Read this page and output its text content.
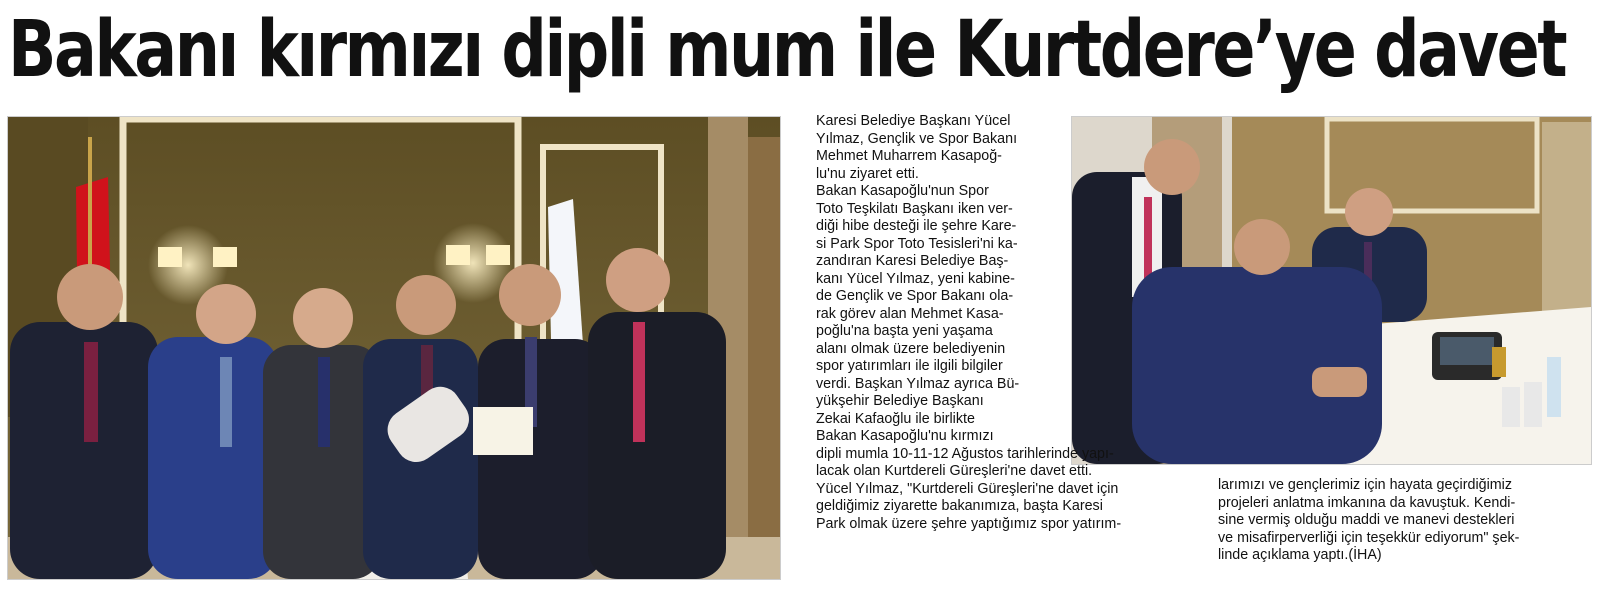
Bakanı kırmızı dipli mum ile Kurtdere’ye davet

Karesi Belediye Başkanı Yücel

Yılmaz, Gençlik ve Spor Bakanı

Mehmet Muharrem Kasapoğ-

lu'nu ziyaret etti.

Bakan Kasapoğlu'nun Spor

Toto Teşkilatı Başkanı iken ver-

diği hibe desteği ile şehre Kare-

si Park Spor Toto Tesisleri'ni ka-

zandıran Karesi Belediye Baş-

kanı Yücel Yılmaz, yeni kabine-

de Gençlik ve Spor Bakanı ola-

rak görev alan Mehmet Kasa-

poğlu'na başta yeni yaşama

alanı olmak üzere belediyenin

spor yatırımları ile ilgili bilgiler

verdi. Başkan Yılmaz ayrıca Bü-

yükşehir Belediye Başkanı

Zekai Kafaoğlu ile birlikte

Bakan Kasapoğlu'nu kırmızı

dipli mumla 10-11-12 Ağustos tarihlerinde yapı-

lacak olan Kurtdereli Güreşleri'ne davet etti.

Yücel Yılmaz, "Kurtdereli Güreşleri'ne davet için

geldiğimiz ziyarette bakanımıza, başta Karesi

Park olmak üzere şehre yaptığımız spor yatırım-

larımızı ve gençlerimiz için hayata geçirdiğimiz

projeleri anlatma imkanına da kavuştuk. Kendi-

sine vermiş olduğu maddi ve manevi destekleri

ve misafirperverliği için teşekkür ediyorum" şek-

linde açıklama yaptı.(İHA)
